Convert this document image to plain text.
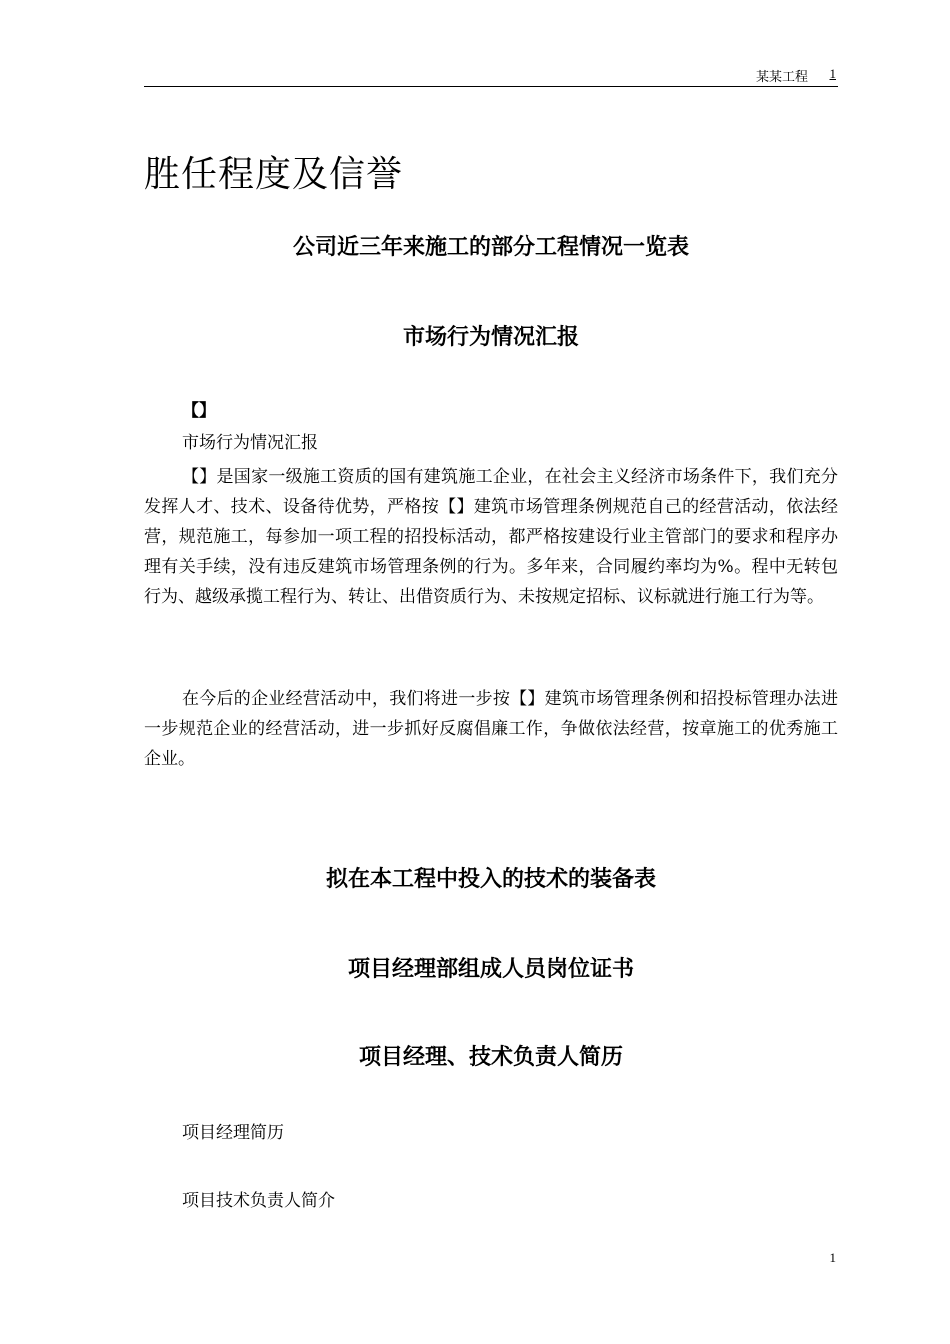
某某工程 1
胜任程度及信誉
公司近三年来施工的部分工程情况一览表
市场行为情况汇报

【】

市场行为情况汇报

【】是国家一级施工资质的国有建筑施工企业，在社会主义经济市场条件下，我们充分发挥人才、技术、设备待优势，严格按【】建筑市场管理条例规范自己的经营活动，依法经营，规范施工，每参加一项工程的招投标活动，都严格按建设行业主管部门的要求和程序办理有关手续，没有违反建筑市场管理条例的行为。多年来，合同履约率均为%。程中无转包行为、越级承揽工程行为、转让、出借资质行为、未按规定招标、议标就进行施工行为等。

在今后的企业经营活动中，我们将进一步按【】建筑市场管理条例和招投标管理办法进一步规范企业的经营活动，进一步抓好反腐倡廉工作，争做依法经营，按章施工的优秀施工企业。

拟在本工程中投入的技术的装备表
项目经理部组成人员岗位证书
项目经理、技术负责人简历

项目经理简历

项目技术负责人简介

1
